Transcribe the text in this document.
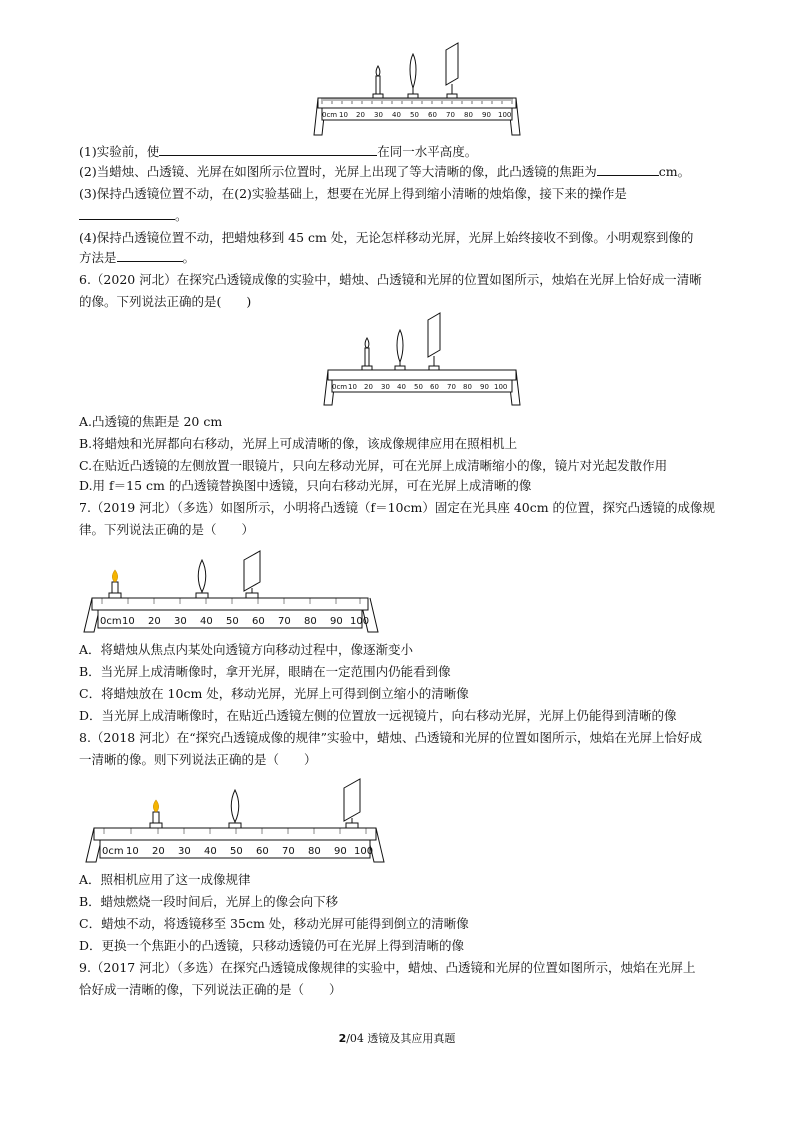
0cm 10 20 30 40 50 60 70 80 90 100
(1)实验前，使	在同一水平高度。
(2)当蜡烛、凸透镜、光屏在如图所示位置时，光屏上出现了等大清晰的像，此凸透镜的焦距为	cm。
(3)保持凸透镜位置不动，在(2)实验基础上，想要在光屏上得到缩小清晰的烛焰像，接下来的操作是
。
(4)保持凸透镜位置不动，把蜡烛移到 45 cm 处，无论怎样移动光屏，光屏上始终接收不到像。小明观察到像的
方法是	。
6.（2020 河北）在探究凸透镜成像的实验中，蜡烛、凸透镜和光屏的位置如图所示，烛焰在光屏上恰好成一清晰
的像。下列说法正确的是(　　)
0cm 10 20 30 40 50 60 70 80 90 100
A.凸透镜的焦距是 20 cm
B.将蜡烛和光屏都向右移动，光屏上可成清晰的像，该成像规律应用在照相机上
C.在贴近凸透镜的左侧放置一眼镜片，只向左移动光屏，可在光屏上成清晰缩小的像，镜片对光起发散作用
D.用 f＝15 cm 的凸透镜替换图中透镜，只向右移动光屏，可在光屏上成清晰的像
7.（2019 河北）（多选）如图所示，小明将凸透镜（f＝10cm）固定在光具座 40cm 的位置，探究凸透镜的成像规
律。下列说法正确的是（　　）
0cm 10 20 30 40 50 60 70 80 90 100
A．将蜡烛从焦点内某处向透镜方向移动过程中，像逐渐变小
B．当光屏上成清晰像时，拿开光屏，眼睛在一定范围内仍能看到像
C．将蜡烛放在 10cm 处，移动光屏，光屏上可得到倒立缩小的清晰像
D．当光屏上成清晰像时，在贴近凸透镜左侧的位置放一远视镜片，向右移动光屏，光屏上仍能得到清晰的像
8.（2018 河北）在“探究凸透镜成像的规律”实验中，蜡烛、凸透镜和光屏的位置如图所示，烛焰在光屏上恰好成
一清晰的像。则下列说法正确的是（　　）
0cm 10 20 30 40 50 60 70 80 90 100
A．照相机应用了这一成像规律
B．蜡烛燃烧一段时间后，光屏上的像会向下移
C．蜡烛不动，将透镜移至 35cm 处，移动光屏可能得到倒立的清晰像
D．更换一个焦距小的凸透镜，只移动透镜仍可在光屏上得到清晰的像
9.（2017 河北）（多选）在探究凸透镜成像规律的实验中，蜡烛、凸透镜和光屏的位置如图所示，烛焰在光屏上
恰好成一清晰的像，下列说法正确的是（　　）
2/04 透镜及其应用真题
